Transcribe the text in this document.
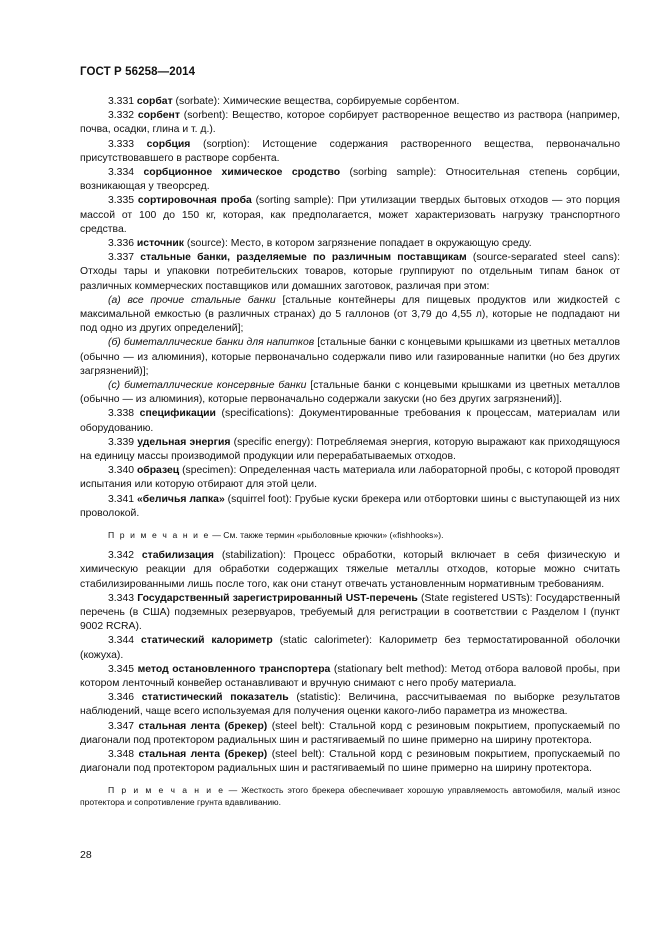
ГОСТ Р 56258—2014

3.331 сорбат (sorbate): Химические вещества, сорбируемые сорбентом.

3.332 сорбент (sorbent): Вещество, которое сорбирует растворенное вещество из раствора (например, почва, осадки, глина и т. д.).

3.333 сорбция (sorption): Истощение содержания растворенного вещества, первоначально присутствовавшего в растворе сорбента.

3.334 сорбционное химическое сродство (sorbing sample): Относительная степень сорбции, возникающая у твеорсред.

3.335 сортировочная проба (sorting sample): При утилизации твердых бытовых отходов — это порция массой от 100 до 150 кг, которая, как предполагается, может характеризовать нагрузку транспортного средства.

3.336 источник (source): Место, в котором загрязнение попадает в окружающую среду.

3.337 стальные банки, разделяемые по различным поставщикам (source-separated steel cans): Отходы тары и упаковки потребительских товаров, которые группируют по отдельным типам банок от различных коммерческих поставщиков или домашних заготовок, различая при этом:

(a) все прочие стальные банки [стальные контейнеры для пищевых продуктов или жидкостей с максимальной емкостью (в различных странах) до 5 галлонов (от 3,79 до 4,55 л), которые не подпадают ни под одно из других определений];

(б) биметаллические банки для напитков [стальные банки с концевыми крышками из цветных металлов (обычно — из алюминия), которые первоначально содержали пиво или газированные напитки (но без других загрязнений)];

(c) биметаллические консервные банки [стальные банки с концевыми крышками из цветных металлов (обычно — из алюминия), которые первоначально содержали закуски (но без других загрязнений)].

3.338 спецификации (specifications): Документированные требования к процессам, материалам или оборудованию.

3.339 удельная энергия (specific energy): Потребляемая энергия, которую выражают как приходящуюся на единицу массы производимой продукции или перерабатываемых отходов.

3.340 образец (specimen): Определенная часть материала или лабораторной пробы, с которой проводят испытания или которую отбирают для этой цели.

3.341 «беличья лапка» (squirrel foot): Грубые куски брекера или отбортовки шины с выступающей из них проволокой.

П р и м е ч а н и е — См. также термин «рыболовные крючки» («fishhooks»).

3.342 стабилизация (stabilization): Процесс обработки, который включает в себя физическую и химическую реакции для обработки содержащих тяжелые металлы отходов, которые можно считать стабилизированными лишь после того, как они станут отвечать установленным нормативным требованиям.

3.343 Государственный зарегистрированный UST-перечень (State registered USTs): Государственный перечень (в США) подземных резервуаров, требуемый для регистрации в соответствии с Разделом I (пункт 9002 RCRA).

3.344 статический калориметр (static calorimeter): Калориметр без термостатированной оболочки (кожуха).

3.345 метод остановленного транспортера (stationary belt method): Метод отбора валовой пробы, при котором ленточный конвейер останавливают и вручную снимают с него пробу материала.

3.346 статистический показатель (statistic): Величина, рассчитываемая по выборке результатов наблюдений, чаще всего используемая для получения оценки какого-либо параметра из множества.

3.347 стальная лента (брекер) (steel belt): Стальной корд с резиновым покрытием, пропускаемый по диагонали под протектором радиальных шин и растягиваемый по шине примерно на ширину протектора.

3.348 стальная лента (брекер) (steel belt): Стальной корд с резиновым покрытием, пропускаемый по диагонали под протектором радиальных шин и растягиваемый по шине примерно на ширину протектора.

П р и м е ч а н и е — Жесткость этого брекера обеспечивает хорошую управляемость автомобиля, малый износ протектора и сопротивление грунта вдавливанию.

28
